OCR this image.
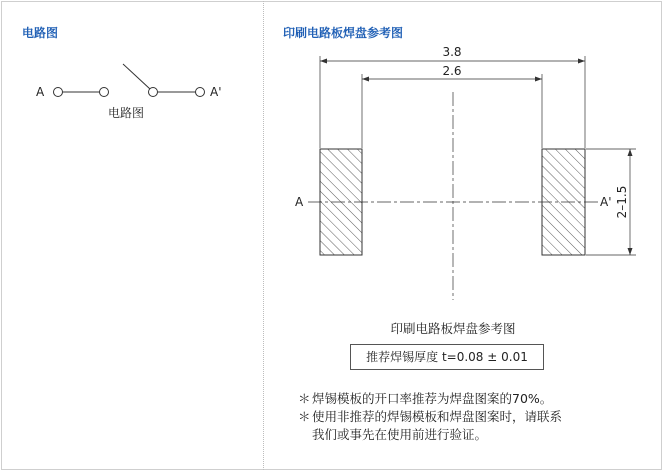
电路图
A	A'
电路图
3.8
2.6
A	A' 2–1.5
印刷电路板焊盘参考图
印刷电路板焊盘参考图
推荐焊锡厚度 t=0.08 ± 0.01
＊焊锡模板的开口率推荐为焊盘图案的70%。
＊使用非推荐的焊锡模板和焊盘图案时，请联系
我们或事先在使用前进行验证。
